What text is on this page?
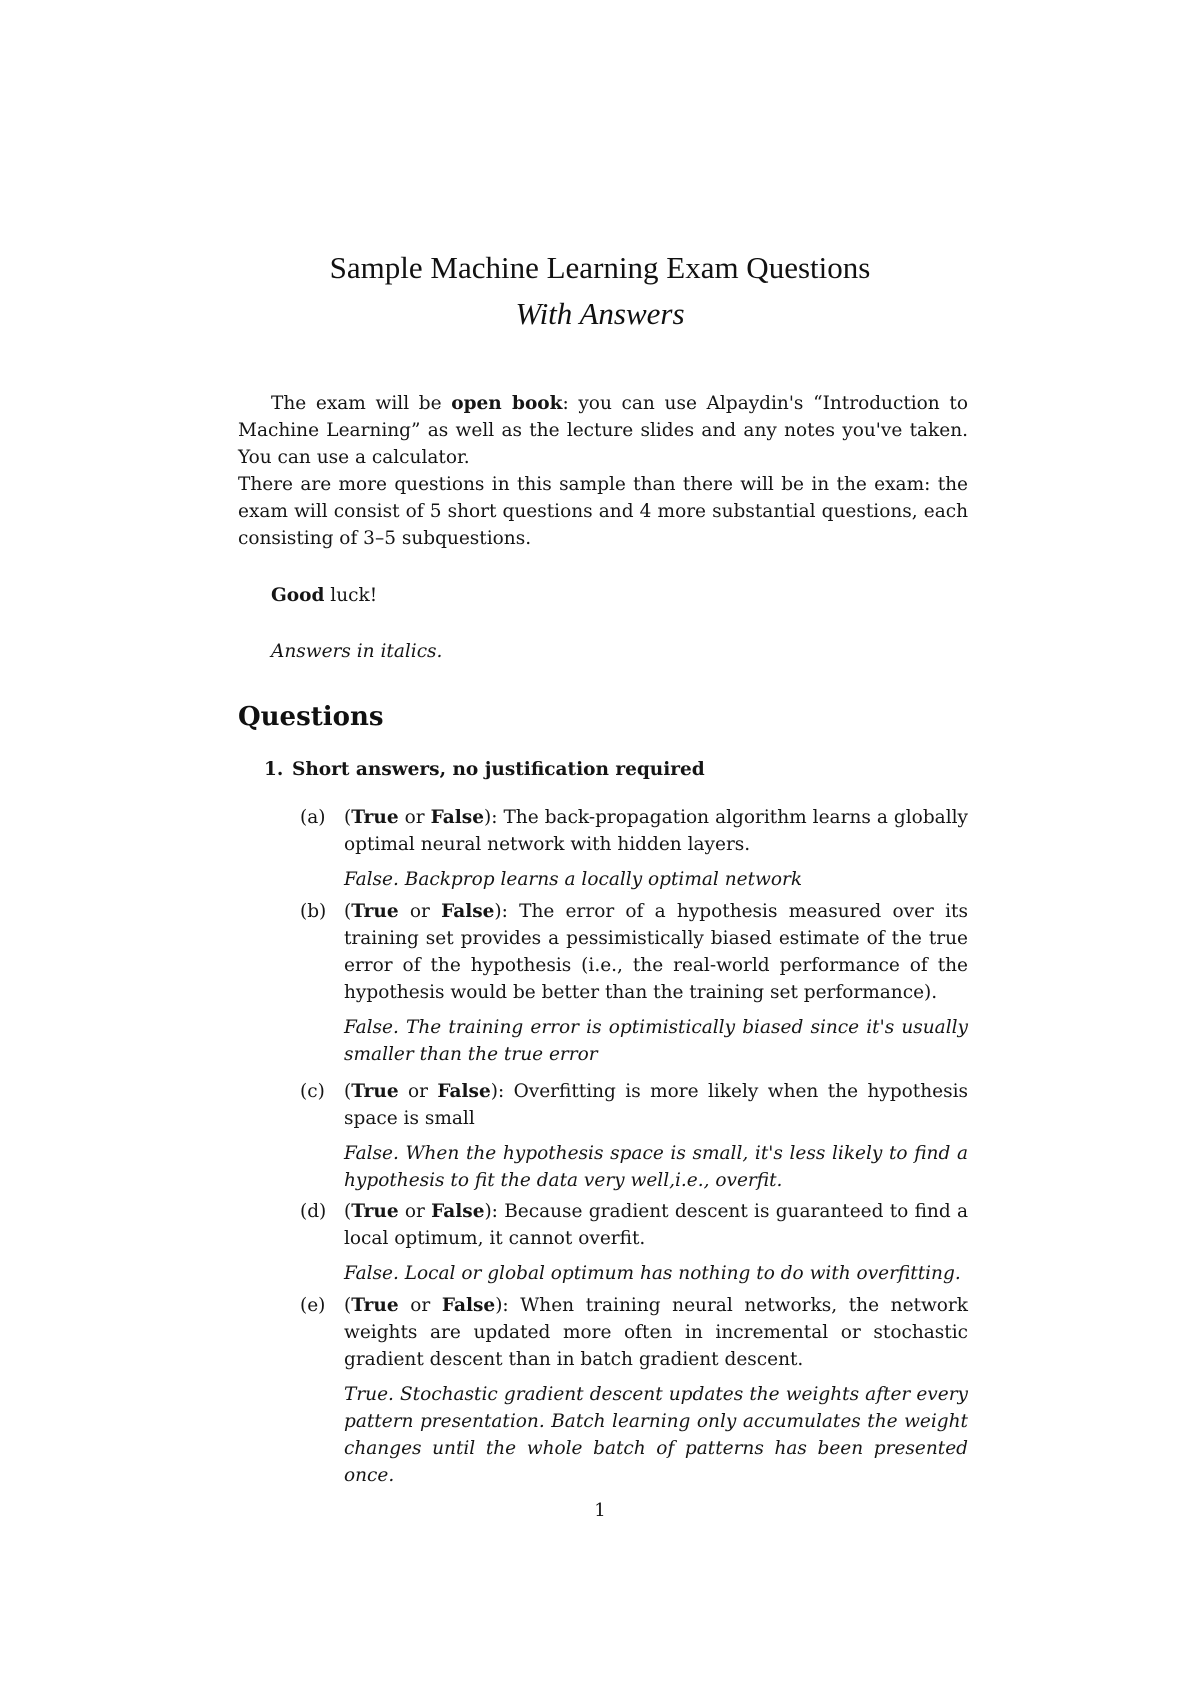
Sample Machine Learning Exam Questions
With Answers

The exam will be open book: you can use Alpaydin's “Introduction to Machine Learning” as well as the lecture slides and any notes you've taken. You can use a calculator.

There are more questions in this sample than there will be in the exam: the exam will consist of 5 short questions and 4 more substantial questions, each consisting of 3–5 subquestions.

Good luck!
Answers in italics.
Questions
1. Short answers, no justification required
(a)	(True or False): The back-propagation algorithm learns a globally optimal neural network with hidden layers.

False. Backprop learns a locally optimal network

(b) (True or False): The error of a hypothesis measured over its training set provides a pessimistically biased estimate of the true error of the hypothesis (i.e., the real-world performance of the hypothesis would be better than the training set performance).

False. The training error is optimistically biased since it's usually smaller than the true error

(c)	(True or False): Overfitting is more likely when the hypothesis space is small

False. When the hypothesis space is small, it's less likely to find a hypothesis to fit the data very well,i.e., overfit.

(d) (True or False): Because gradient descent is guaranteed to find a local optimum, it cannot overfit.

False. Local or global optimum has nothing to do with overfitting.

(e)	(True or False): When training neural networks, the network weights are updated more often in incremental or stochastic gradient descent than in batch gradient descent.

True. Stochastic gradient descent updates the weights after every pattern presentation. Batch learning only accumulates the weight changes until the whole batch of patterns has been presented once.

1
